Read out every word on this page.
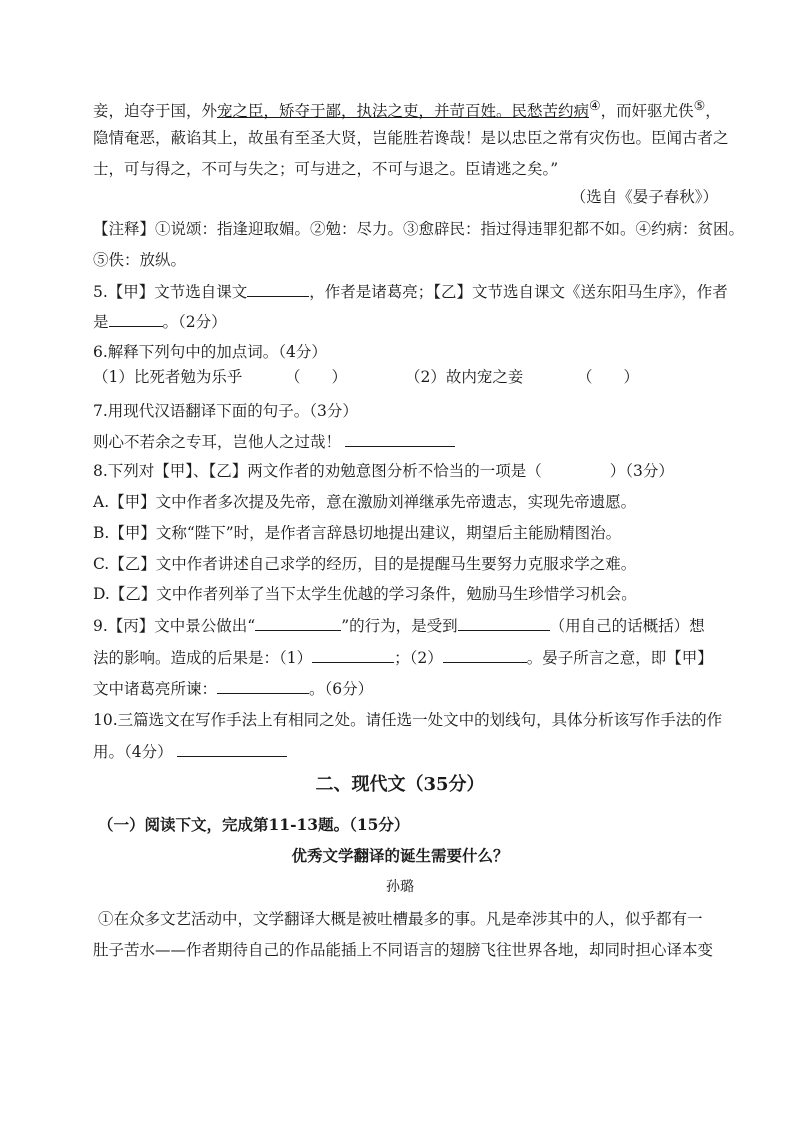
妾，迫夺于国，外宠之臣，矫夺于鄙，执法之吏，并苛百姓。民愁苦约病④，而奸驱尤佚⑤，
隐情奄恶，蔽谄其上，故虽有至圣大贤，岂能胜若谗哉！是以忠臣之常有灾伤也。臣闻古者之
士，可与得之，不可与失之；可与进之，不可与退之。臣请逃之矣。”
（选自《晏子春秋》）
【注释】①说颂：指逢迎取媚。②勉：尽力。③愈辟民：指过得违罪犯都不如。④约病：贫困。
⑤佚：放纵。
5.【甲】文节选自课文	，作者是诸葛亮；【乙】文节选自课文《送东阳马生序》，作者
是	。（2分）
6.解释下列句中的加点词。（4分）
（1）比死者勉为乐乎	（　　）	（2）故内宠之妾	（　　）
7.用现代汉语翻译下面的句子。（3分）
则心不若余之专耳，岂他人之过哉！
8.下列对【甲】、【乙】两文作者的劝勉意图分析不恰当的一项是（	）（3分）
A.【甲】文中作者多次提及先帝，意在激励刘禅继承先帝遗志，实现先帝遗愿。
B.【甲】文称“陛下”时，是作者言辞恳切地提出建议，期望后主能励精图治。
C.【乙】文中作者讲述自己求学的经历，目的是提醒马生要努力克服求学之难。
D.【乙】文中作者列举了当下太学生优越的学习条件，勉励马生珍惜学习机会。
9.【丙】文中景公做出“	”的行为，是受到	（用自己的话概括）想
法的影响。造成的后果是：（1）	；（2）	。晏子所言之意，即【甲】
文中诸葛亮所谏：	。（6分）
10.三篇选文在写作手法上有相同之处。请任选一处文中的划线句，具体分析该写作手法的作
用。（4分）
二、现代文（35分）
（一）阅读下文，完成第11-13题。（15分）
优秀文学翻译的诞生需要什么？
孙璐
①在众多文艺活动中，文学翻译大概是被吐槽最多的事。凡是牵涉其中的人，似乎都有一
肚子苦水——作者期待自己的作品能插上不同语言的翅膀飞往世界各地，却同时担心译本变
